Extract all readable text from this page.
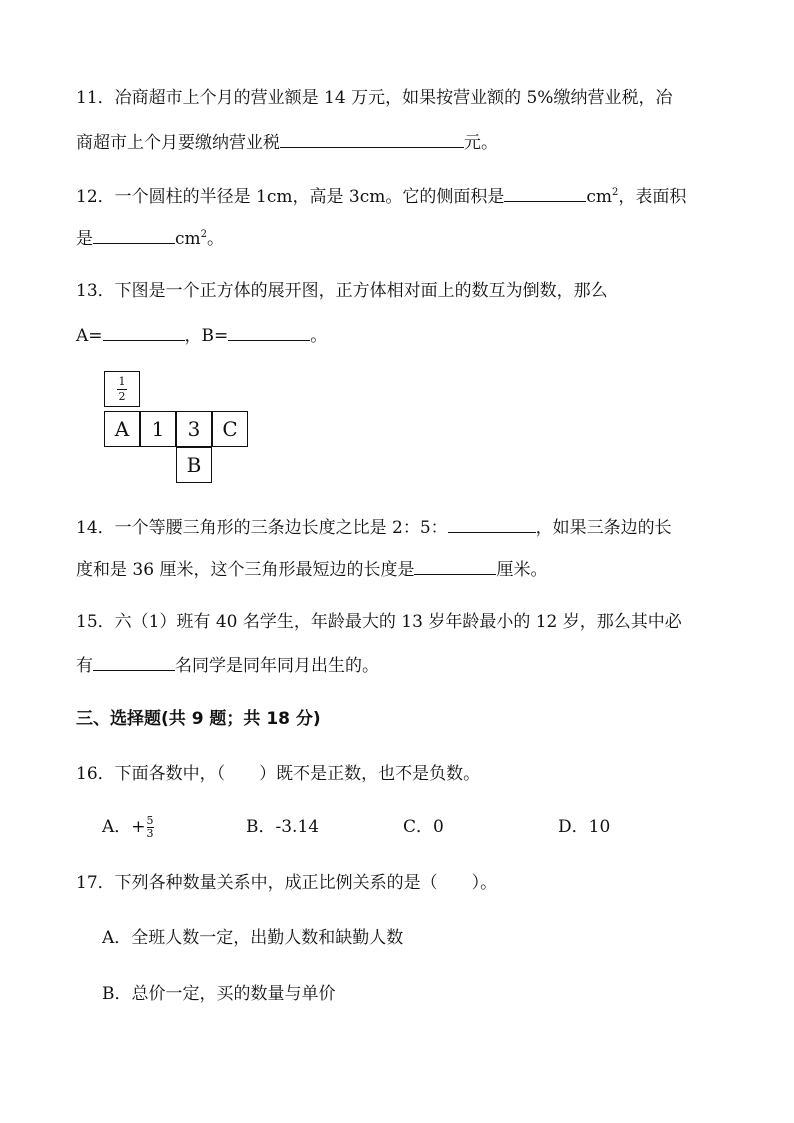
11．冶商超市上个月的营业额是 14 万元，如果按营业额的 5%缴纳营业税，冶
商超市上个月要缴纳营业税	元。
12．一个圆柱的半径是 1cm，高是 3cm。它的侧面积是	$cm^2$，表面积
是	$cm^2$。
13．下图是一个正方体的展开图，正方体相对面上的数互为倒数，那么
A=	，B=	。
$\frac{1}{2}$
A	1	3	C
B
14．一个等腰三角形的三条边长度之比是 2：5：	，如果三条边的长
度和是 36 厘米，这个三角形最短边的长度是	厘米。
15．六（1）班有 40 名学生，年龄最大的 13 岁年龄最小的 12 岁，那么其中必
有	名同学是同年同月出生的。
三、选择题(共 9 题；共 18 分)
16．下面各数中，（　　）既不是正数，也不是负数。
A．+ $\frac{5}{3}$	B．-3.14	C．0	D．10
17．下列各种数量关系中，成正比例关系的是（　　）。
A．全班人数一定，出勤人数和缺勤人数
B．总价一定，买的数量与单价
